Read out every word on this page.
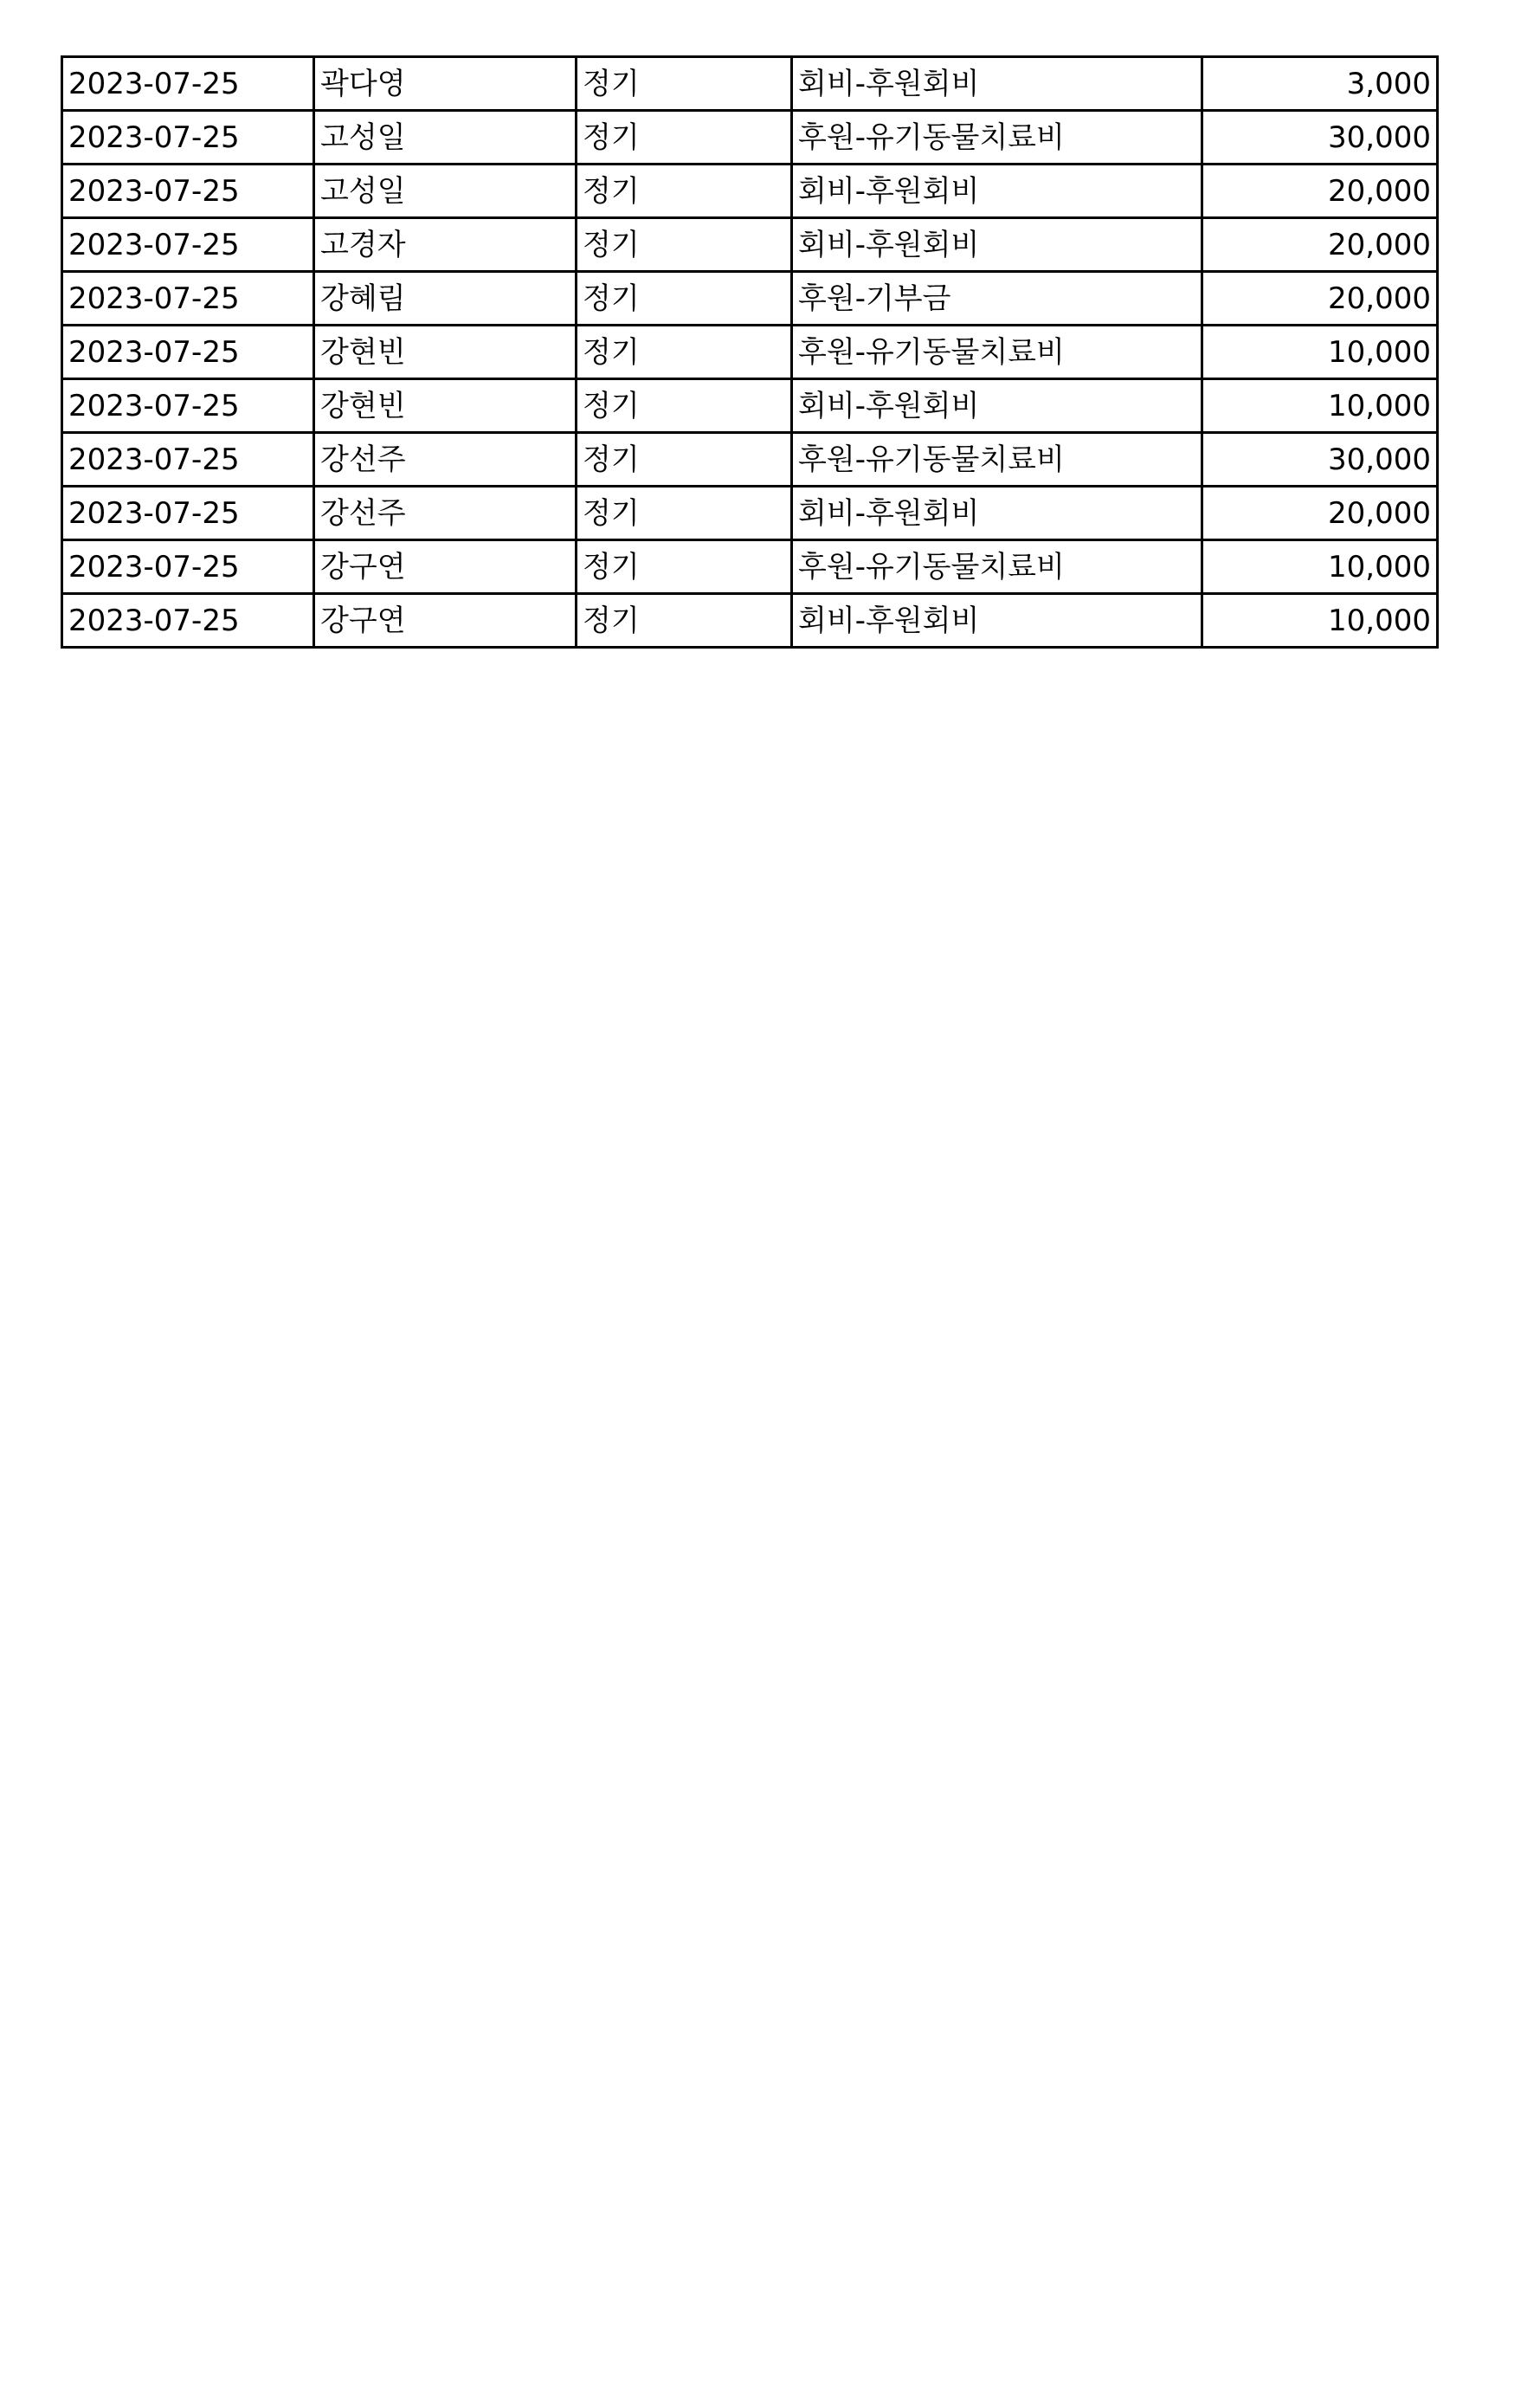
2023-07-25	곽다영	정기	회비-후원회비	3,000
2023-07-25	고성일	정기	후원-유기동물치료비	30,000
2023-07-25	고성일	정기	회비-후원회비	20,000
2023-07-25	고경자	정기	회비-후원회비	20,000
2023-07-25	강혜림	정기	후원-기부금	20,000
2023-07-25	강현빈	정기	후원-유기동물치료비	10,000
2023-07-25	강현빈	정기	회비-후원회비	10,000
2023-07-25	강선주	정기	후원-유기동물치료비	30,000
2023-07-25	강선주	정기	회비-후원회비	20,000
2023-07-25	강구연	정기	후원-유기동물치료비	10,000
2023-07-25	강구연	정기	회비-후원회비	10,000
